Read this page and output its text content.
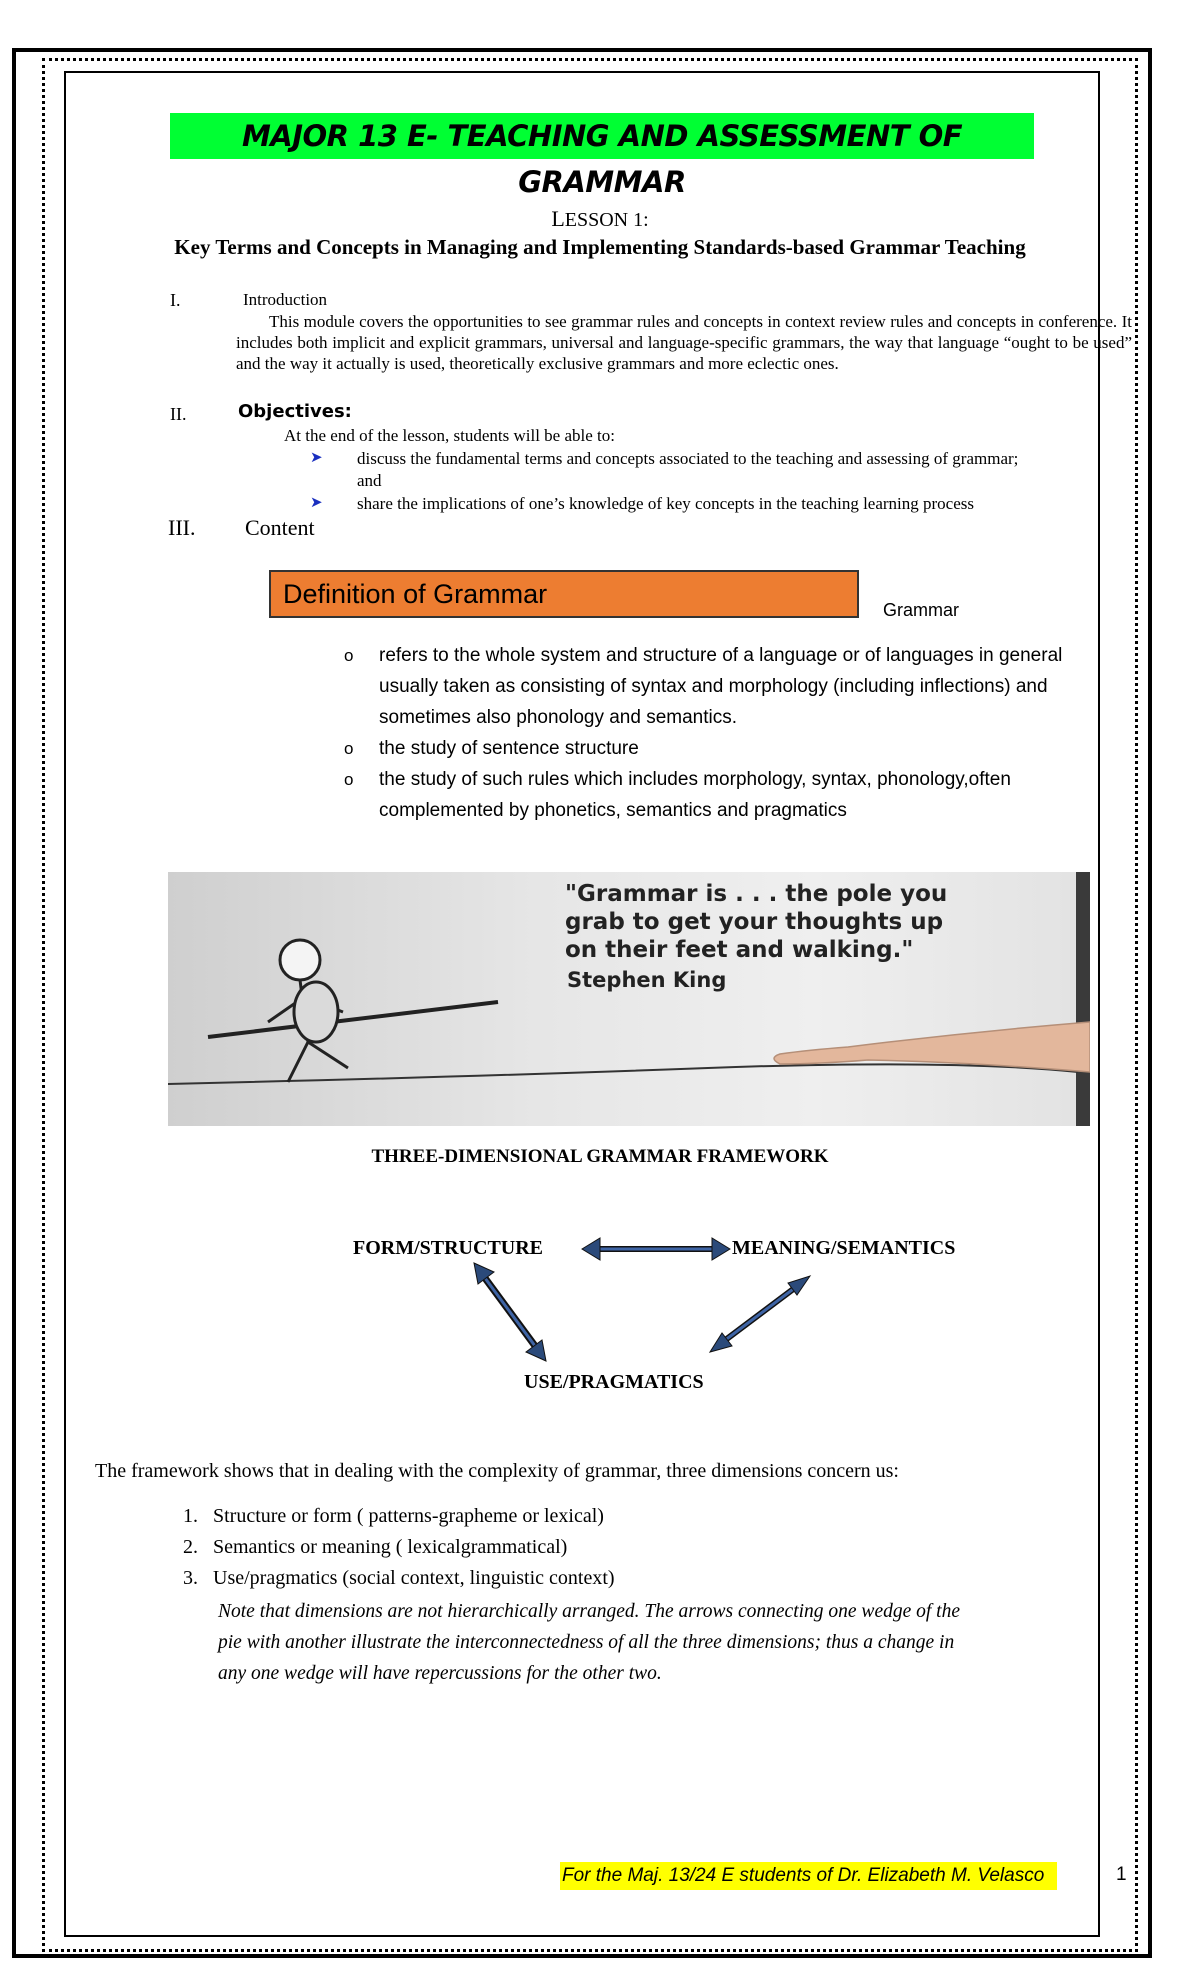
MAJOR 13 E- TEACHING AND ASSESSMENT OF GRAMMAR
LESSON 1:
Key Terms and Concepts in Managing and Implementing Standards-based Grammar Teaching
I.	Introduction
This module covers the opportunities to see grammar rules and concepts in context review rules and concepts in conference. It includes both implicit and explicit grammars, universal and language-specific grammars, the way that language “ought to be used” and the way it actually is used, theoretically exclusive grammars and more eclectic ones.
II.	Objectives:
At the end of the lesson, students will be able to:
➤ discuss the fundamental terms and concepts associated to the teaching and assessing of grammar;
and
➤ share the implications of one’s knowledge of key concepts in the teaching learning process
III. Content
Definition of Grammar
Grammar
o refers to the whole system and structure of a language or of languages in general
usually taken as consisting of syntax and morphology (including inflections) and
sometimes also phonology and semantics.
o the study of sentence structure
o the study of such rules which includes morphology, syntax, phonology,often
complemented by phonetics, semantics and pragmatics
"Grammar is . . . the pole you
grab to get your thoughts up
on their feet and walking."
Stephen King
THREE-DIMENSIONAL GRAMMAR FRAMEWORK
FORM/STRUCTURE	MEANING/SEMANTICS
USE/PRAGMATICS
The framework shows that in dealing with the complexity of grammar, three dimensions concern us:
1.   Structure or form ( patterns-grapheme or lexical)
2.   Semantics or meaning ( lexicalgrammatical)
3.   Use/pragmatics (social context, linguistic context)
Note that dimensions are not hierarchically arranged. The arrows connecting one wedge of the
pie with another illustrate the interconnectedness of all the three dimensions; thus a change in
any one wedge will have repercussions for the other two.
For the Maj. 13/24 E students of Dr. Elizabeth M. Velasco	1
